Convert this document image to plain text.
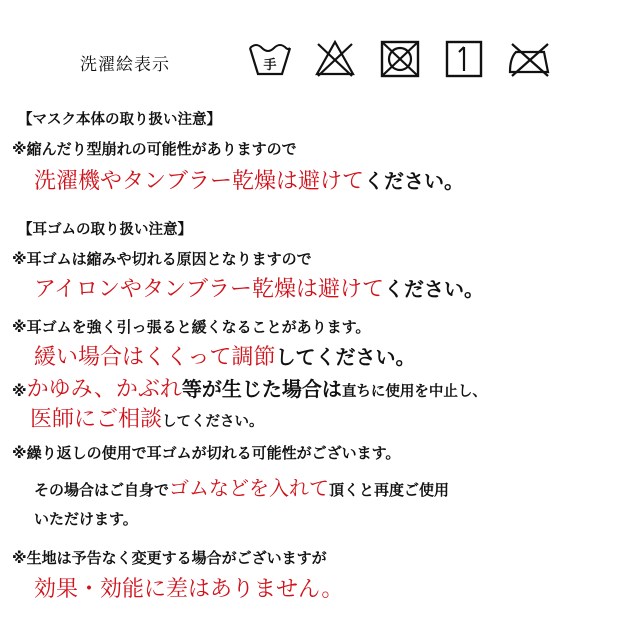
洗濯絵表示	手
【マスク本体の取り扱い注意】
※縮んだり型崩れの可能性がありますので
洗濯機やタンブラー乾燥は避けてください。
【耳ゴムの取り扱い注意】
※耳ゴムは縮みや切れる原因となりますので
アイロンやタンブラー乾燥は避けてください。
※耳ゴムを強く引っ張ると緩くなることがあります。
緩い場合はくくって調節してください。
※かゆみ、かぶれ等が生じた場合は直ちに使用を中止し、
医師にご相談してください。
※繰り返しの使用で耳ゴムが切れる可能性がございます。
その場合はご自身でゴムなどを入れて頂くと再度ご使用
いただけます。
※生地は予告なく変更する場合がございますが
効果・効能に差はありません。
